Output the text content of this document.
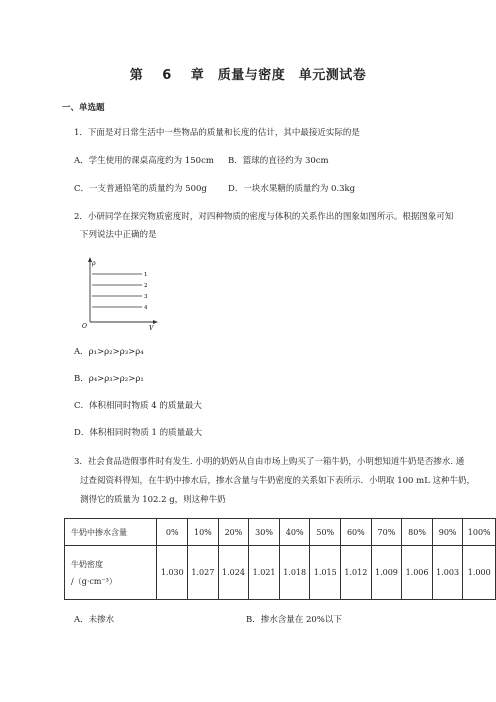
第 6 章　质量与密度　单元测试卷
一、单选题
1．下面是对日常生活中一些物品的质量和长度的估计，其中最接近实际的是
A．学生使用的课桌高度约为 150cm B．篮球的直径约为 30cm
C．一支普通铅笔的质量约为 500g D．一块水果糖的质量约为 0.3kg
2．小研同学在探究物质密度时，对四种物质的密度与体积的关系作出的图象如图所示。根据图象可知
下列说法中正确的是
ρ
V
O
1
2
3
4
A．ρ₁>ρ₂>ρ₃>ρ₄
B．ρ₄>ρ₃>ρ₂>ρ₁
C．体积相同时物质 4 的质量最大
D．体积相同时物质 1 的质量最大
3．社会食品造假事件时有发生. 小明的奶奶从自由市场上购买了一箱牛奶，小明想知道牛奶是否掺水. 通
过查阅资料得知，在牛奶中掺水后，掺水含量与牛奶密度的关系如下表所示．小明取 100 mL 这种牛奶，
测得它的质量为 102.2 g，则这种牛奶
牛奶中掺水含量	0%	10%	20%	30%	40%	50%	60%	70%	80%	90%	100%

牛奶密度
/（g·cm⁻³）	1.030	1.027	1.024	1.021	1.018	1.015	1.012	1.009	1.006	1.003	1.000
A．未掺水	B．掺水含量在 20%以下
